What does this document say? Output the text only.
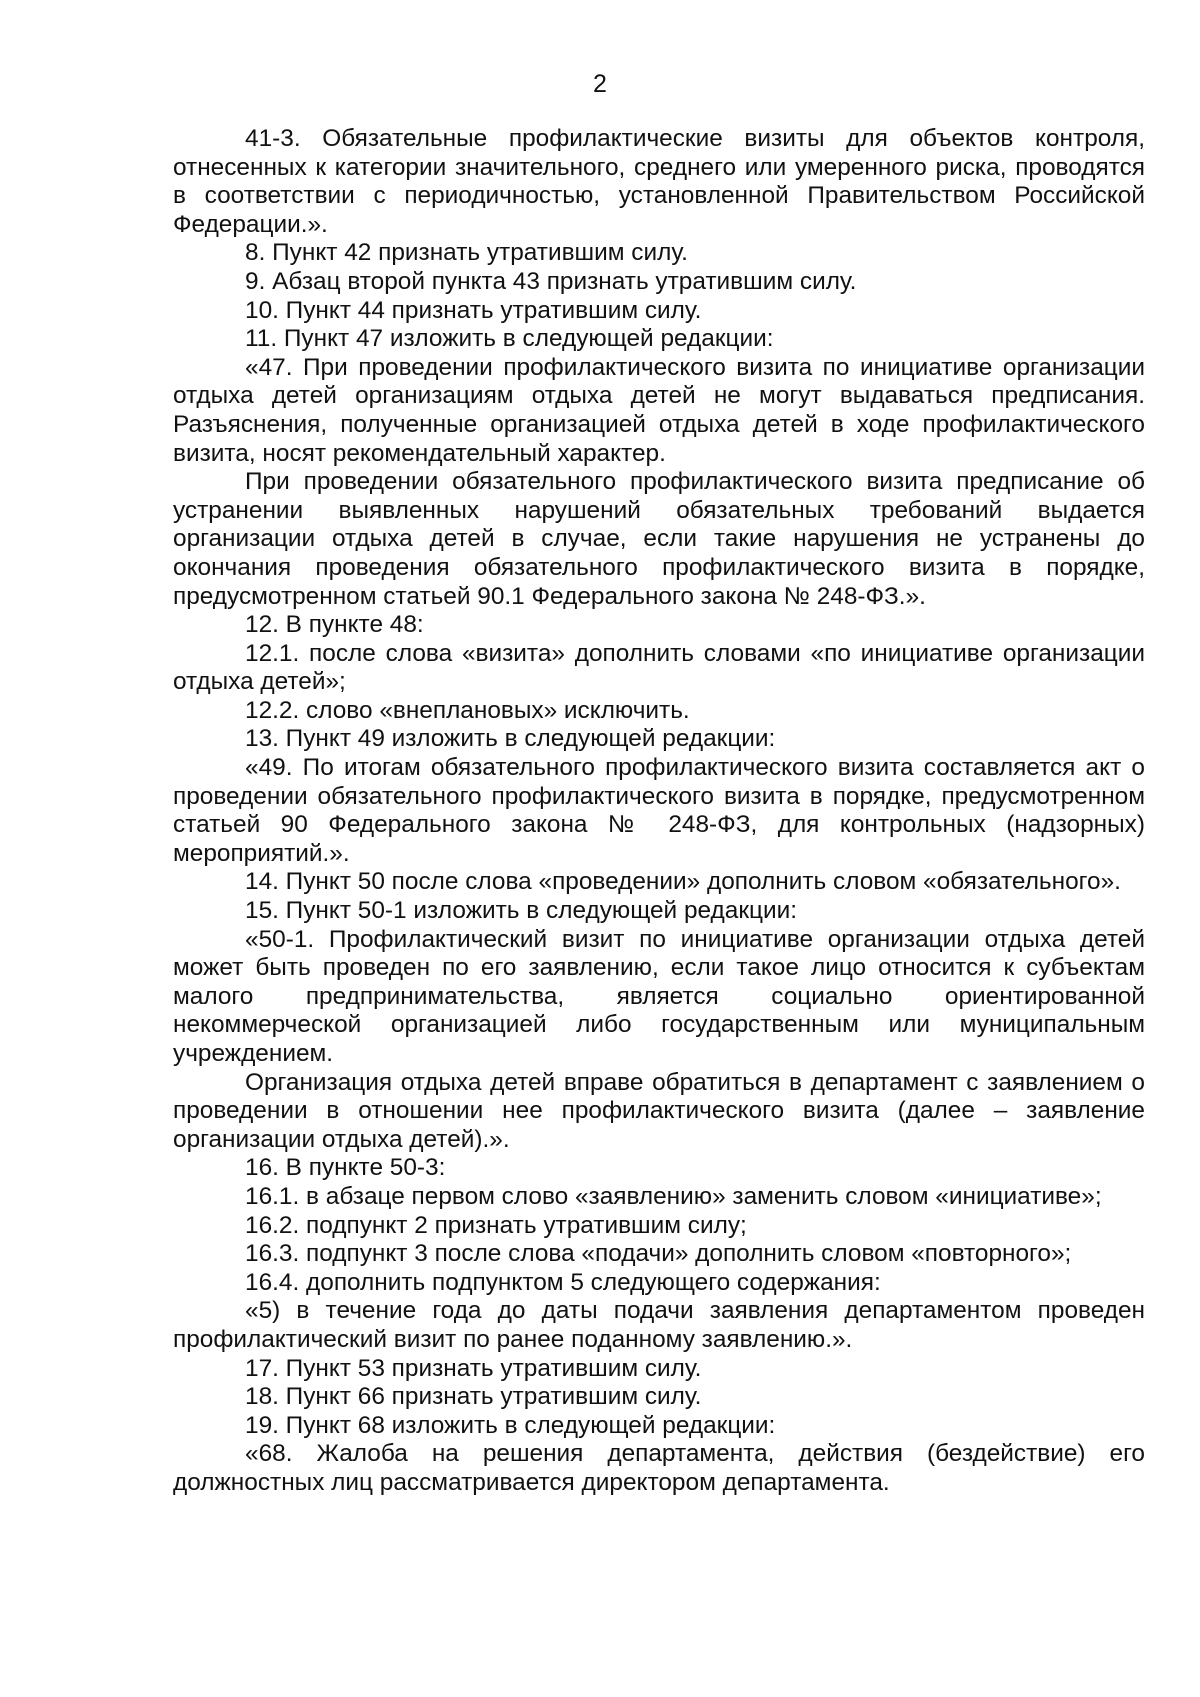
2

41-3. Обязательные профилактические визиты для объектов контроля, отнесенных к категории значительного, среднего или умеренного риска, проводятся в соответствии с периодичностью, установленной Правительством Российской Федерации.».

8. Пункт 42 признать утратившим силу.

9. Абзац второй пункта 43 признать утратившим силу.

10. Пункт 44 признать утратившим силу.

11. Пункт 47 изложить в следующей редакции:

«47. При проведении профилактического визита по инициативе организации отдыха детей организациям отдыха детей не могут выдаваться предписания. Разъяснения, полученные организацией отдыха детей в ходе профилактического визита, носят рекомендательный характер.

При проведении обязательного профилактического визита предписание об устранении выявленных нарушений обязательных требований выдается организации отдыха детей в случае, если такие нарушения не устранены до окончания проведения обязательного профилактического визита в порядке, предусмотренном статьей 90.1 Федерального закона № 248-ФЗ.».

12. В пункте 48:

12.1. после слова «визита» дополнить словами «по инициативе организации отдыха детей»;

12.2. слово «внеплановых» исключить.

13. Пункт 49 изложить в следующей редакции:

«49. По итогам обязательного профилактического визита составляется акт о проведении обязательного профилактического визита в порядке, предусмотренном статьей 90 Федерального закона № 248-ФЗ, для контрольных (надзорных) мероприятий.».

14. Пункт 50 после слова «проведении» дополнить словом «обязательного».

15. Пункт 50-1 изложить в следующей редакции:

«50-1. Профилактический визит по инициативе организации отдыха детей может быть проведен по его заявлению, если такое лицо относится к субъектам малого предпринимательства, является социально ориентированной некоммерческой организацией либо государственным или муниципальным учреждением.

Организация отдыха детей вправе обратиться в департамент с заявлением о проведении в отношении нее профилактического визита (далее – заявление организации отдыха детей).».

16. В пункте 50-3:

16.1. в абзаце первом слово «заявлению» заменить словом «инициативе»;

16.2. подпункт 2 признать утратившим силу;

16.3. подпункт 3 после слова «подачи» дополнить словом «повторного»;

16.4. дополнить подпунктом 5 следующего содержания:

«5) в течение года до даты подачи заявления департаментом проведен профилактический визит по ранее поданному заявлению.».

17. Пункт 53 признать утратившим силу.

18. Пункт 66 признать утратившим силу.

19. Пункт 68 изложить в следующей редакции:

«68. Жалоба на решения департамента, действия (бездействие) его должностных лиц рассматривается директором департамента.
